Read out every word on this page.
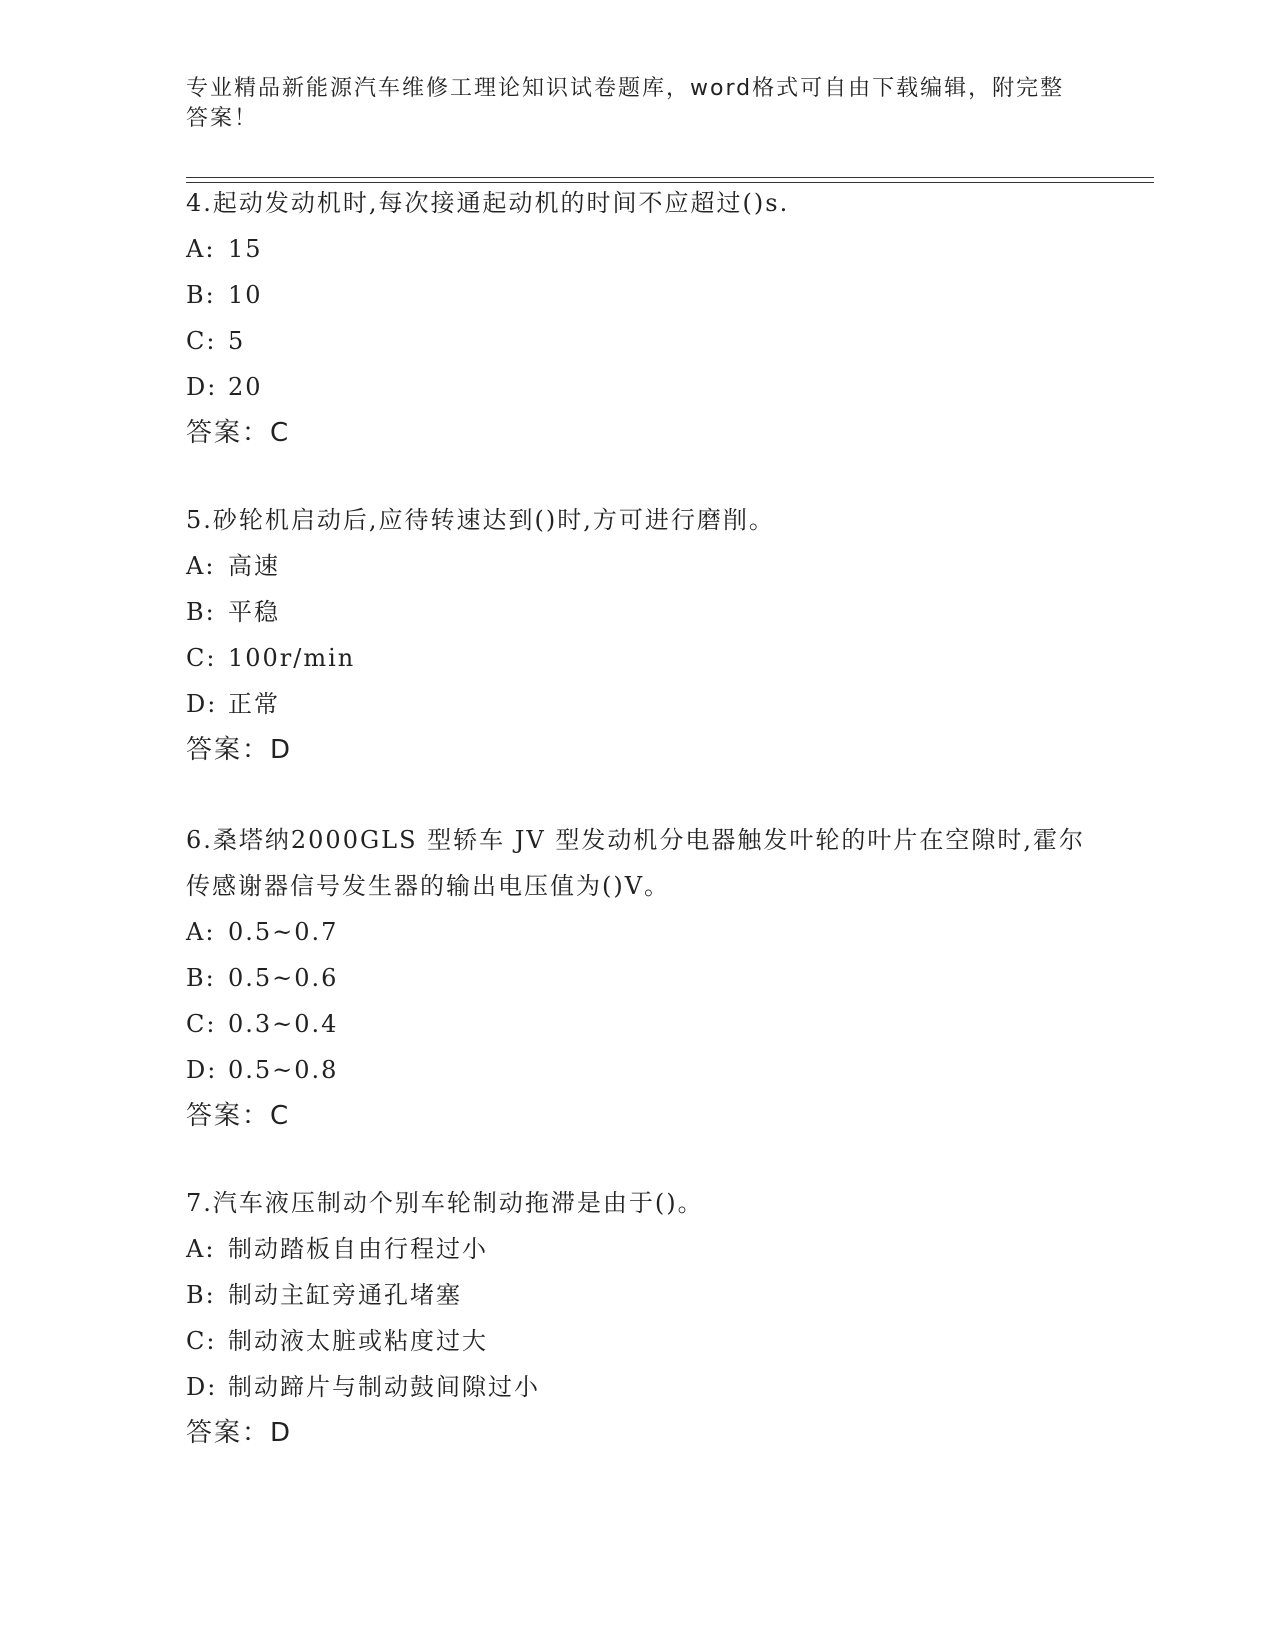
专业精品新能源汽车维修工理论知识试卷题库，word格式可自由下载编辑，附完整答案！
4.起动发动机时,每次接通起动机的时间不应超过()s.
A: 15
B: 10
C: 5
D: 20
答案：C
5.砂轮机启动后,应待转速达到()时,方可进行磨削。
A: 高速
B: 平稳
C: 100r/min
D: 正常
答案：D
6.桑塔纳2000GLS 型轿车 JV 型发动机分电器触发叶轮的叶片在空隙时,霍尔传感谢器信号发生器的输出电压值为()V。
A: 0.5~0.7
B: 0.5~0.6
C: 0.3~0.4
D: 0.5~0.8
答案：C
7.汽车液压制动个别车轮制动拖滞是由于()。
A: 制动踏板自由行程过小
B: 制动主缸旁通孔堵塞
C: 制动液太脏或粘度过大
D: 制动蹄片与制动鼓间隙过小
答案：D
